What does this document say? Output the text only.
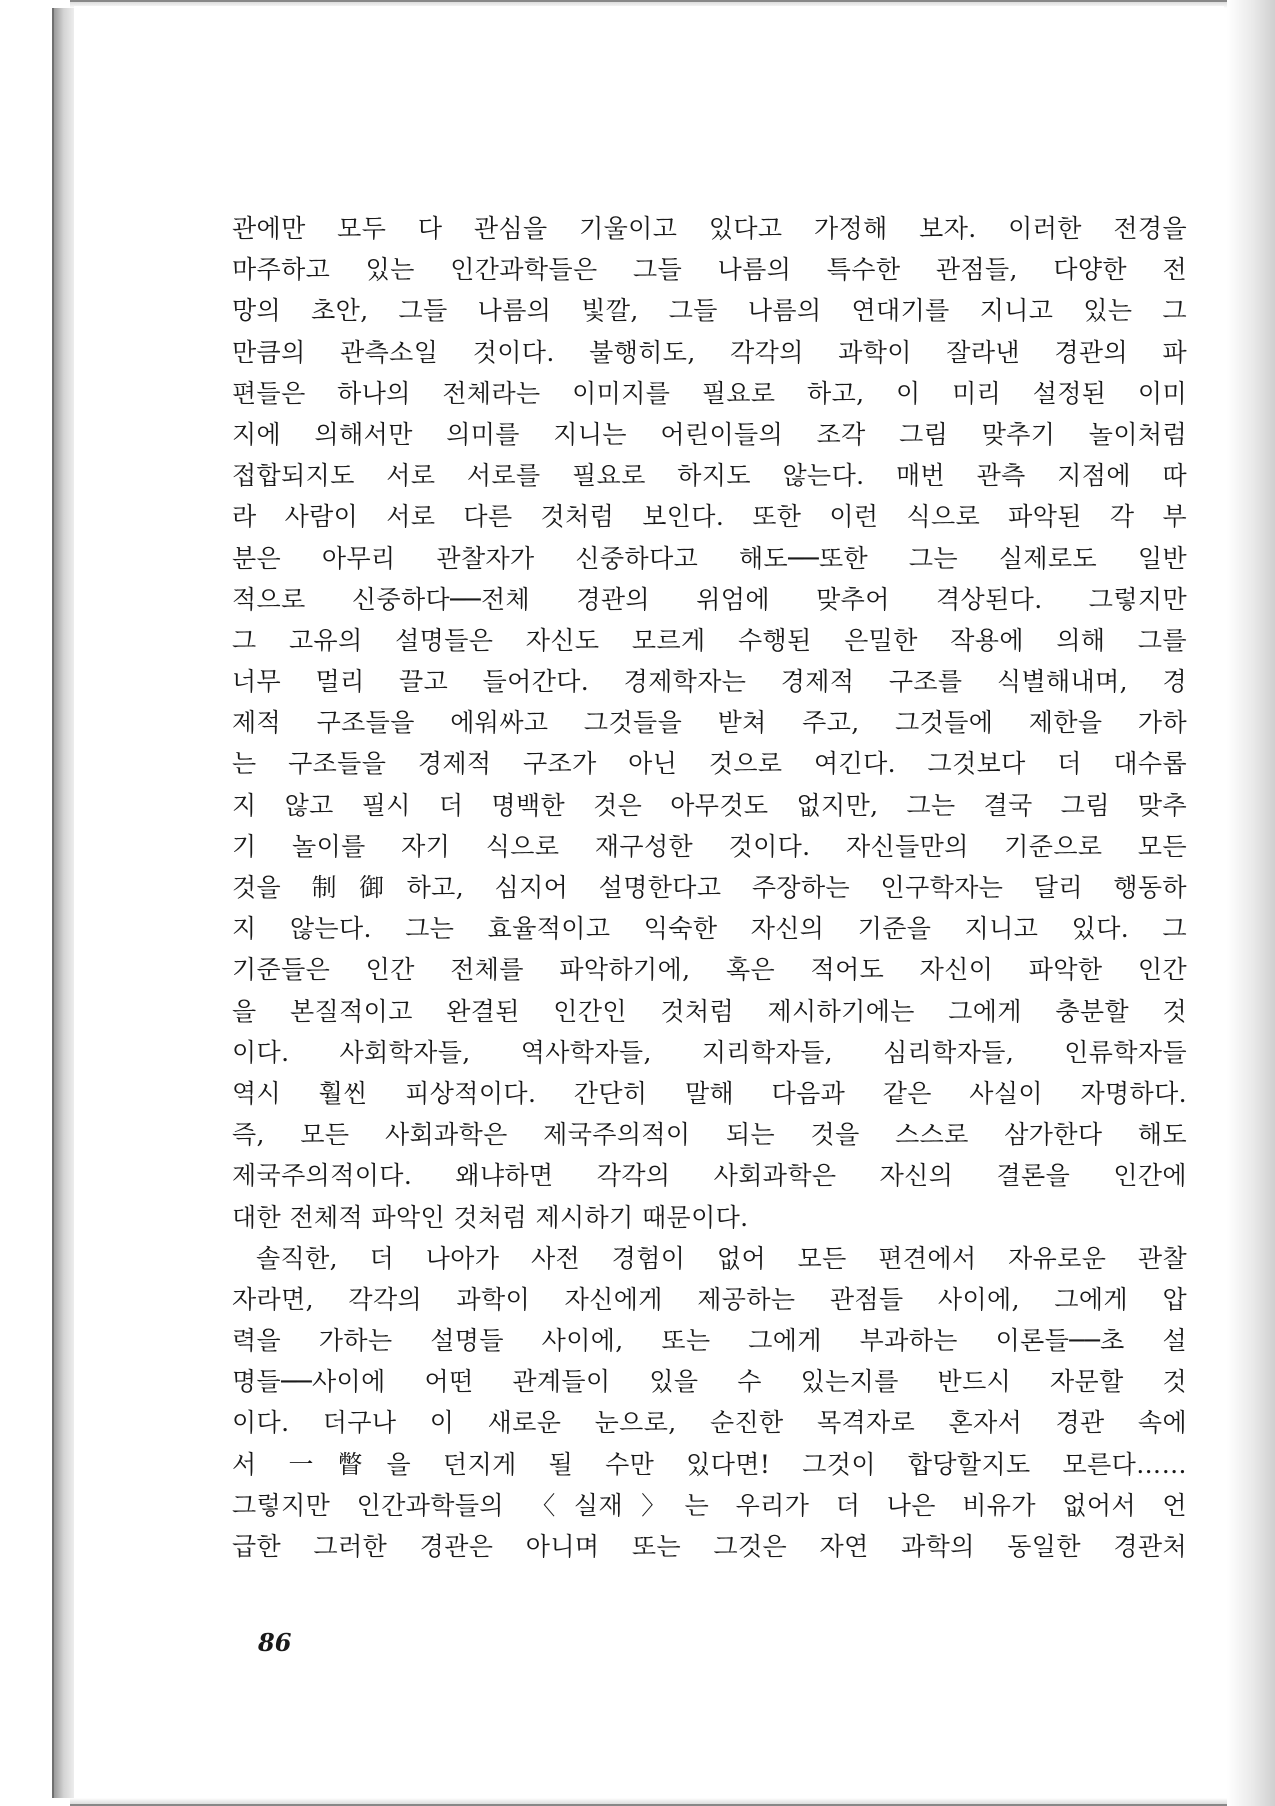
관에만 모두 다 관심을 기울이고 있다고 가정해 보자. 이러한 전경을
마주하고 있는 인간과학들은 그들 나름의 특수한 관점들, 다양한 전
망의 초안, 그들 나름의 빛깔, 그들 나름의 연대기를 지니고 있는 그
만큼의 관측소일 것이다. 불행히도, 각각의 과학이 잘라낸 경관의 파
편들은 하나의 전체라는 이미지를 필요로 하고, 이 미리 설정된 이미
지에 의해서만 의미를 지니는 어린이들의 조각 그림 맞추기 놀이처럼
접합되지도 서로 서로를 필요로 하지도 않는다. 매번 관측 지점에 따
라 사람이 서로 다른 것처럼 보인다. 또한 이런 식으로 파악된 각 부
분은 아무리 관찰자가 신중하다고 해도──또한 그는 실제로도 일반
적으로 신중하다──전체 경관의 위엄에 맞추어 격상된다. 그렇지만
그 고유의 설명들은 자신도 모르게 수행된 은밀한 작용에 의해 그를
너무 멀리 끌고 들어간다. 경제학자는 경제적 구조를 식별해내며, 경
제적 구조들을 에워싸고 그것들을 받쳐 주고, 그것들에 제한을 가하
는 구조들을 경제적 구조가 아닌 것으로 여긴다. 그것보다 더 대수롭
지 않고 필시 더 명백한 것은 아무것도 없지만, 그는 결국 그림 맞추
기 놀이를 자기 식으로 재구성한 것이다. 자신들만의 기준으로 모든
것을 制御하고, 심지어 설명한다고 주장하는 인구학자는 달리 행동하
지 않는다. 그는 효율적이고 익숙한 자신의 기준을 지니고 있다. 그
기준들은 인간 전체를 파악하기에, 혹은 적어도 자신이 파악한 인간
을 본질적이고 완결된 인간인 것처럼 제시하기에는 그에게 충분할 것
이다. 사회학자들, 역사학자들, 지리학자들, 심리학자들, 인류학자들
역시 훨씬 피상적이다. 간단히 말해 다음과 같은 사실이 자명하다.
즉, 모든 사회과학은 제국주의적이 되는 것을 스스로 삼가한다 해도
제국주의적이다. 왜냐하면 각각의 사회과학은 자신의 결론을 인간에
대한 전체적 파악인 것처럼 제시하기 때문이다.
솔직한, 더 나아가 사전 경험이 없어 모든 편견에서 자유로운 관찰
자라면, 각각의 과학이 자신에게 제공하는 관점들 사이에, 그에게 압
력을 가하는 설명들 사이에, 또는 그에게 부과하는 이론들──초 설
명들──사이에 어떤 관계들이 있을 수 있는지를 반드시 자문할 것
이다. 더구나 이 새로운 눈으로, 순진한 목격자로 혼자서 경관 속에
서 一瞥을 던지게 될 수만 있다면! 그것이 합당할지도 모른다……
그렇지만 인간과학들의 〈실재〉는 우리가 더 나은 비유가 없어서 언
급한 그러한 경관은 아니며 또는 그것은 자연 과학의 동일한 경관처
86
